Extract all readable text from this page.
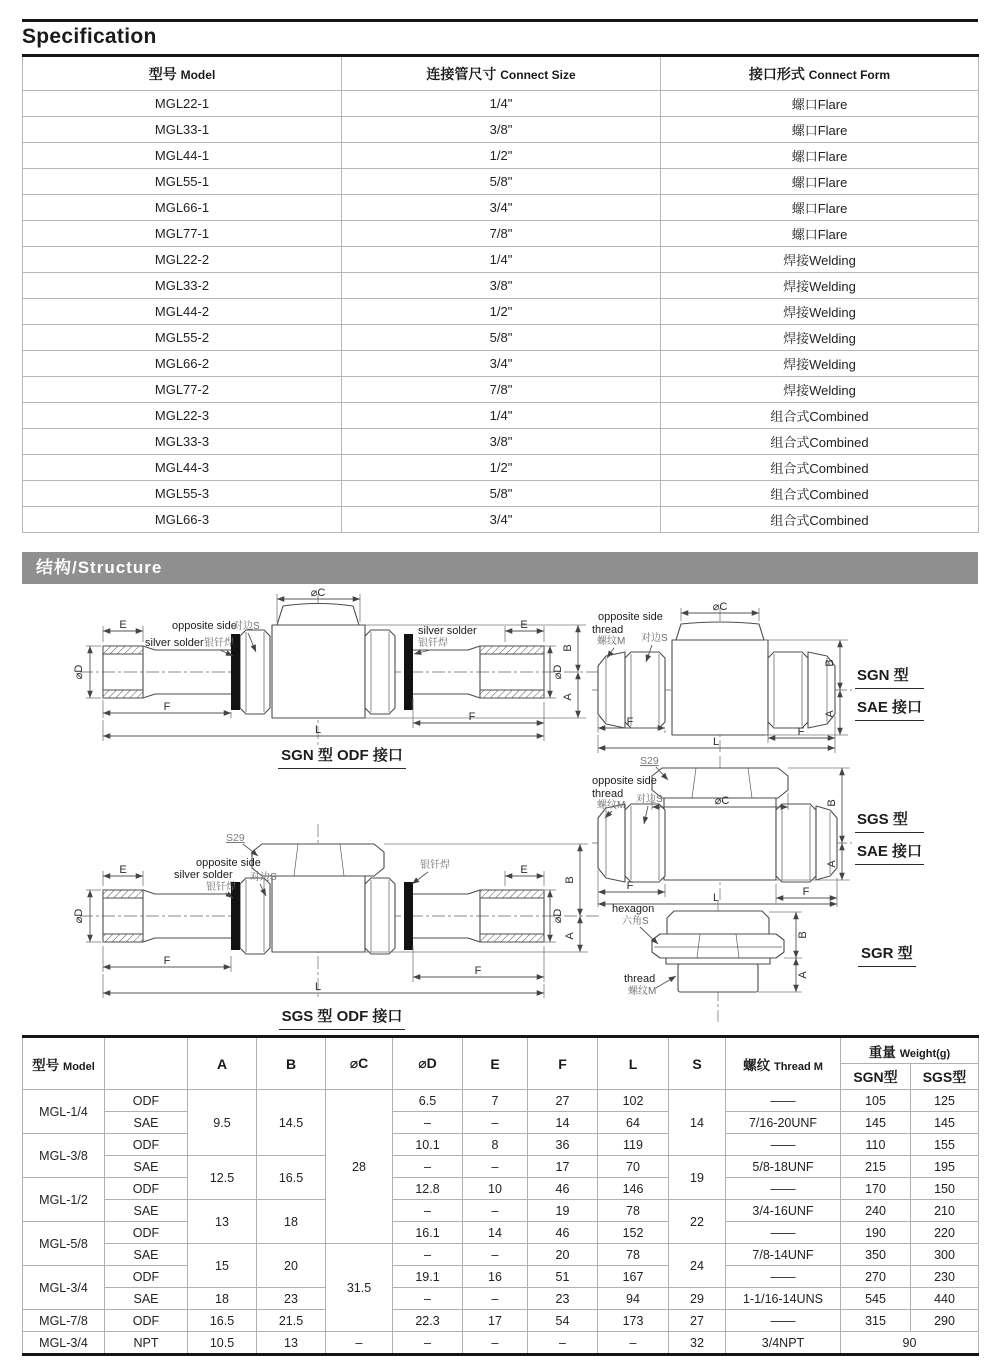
Specification
型号 Model	连接管尺寸 Connect Size	接口形式 Connect Form
MGL22-1	1/4"	螺口Flare
MGL33-1	3/8"	螺口Flare
MGL44-1	1/2"	螺口Flare
MGL55-1	5/8"	螺口Flare
MGL66-1	3/4"	螺口Flare
MGL77-1	7/8"	螺口Flare
MGL22-2	1/4"	焊接Welding
MGL33-2	3/8"	焊接Welding
MGL44-2	1/2"	焊接Welding
MGL55-2	5/8"	焊接Welding
MGL66-2	3/4"	焊接Welding
MGL77-2	7/8"	焊接Welding
MGL22-3	1/4"	组合式Combined
MGL33-3	3/8"	组合式Combined
MGL44-3	1/2"	组合式Combined
MGL55-3	5/8"	组合式Combined
MGL66-3	3/4"	组合式Combined
结构/Structure
⌀C
E	E
⌀D	⌀D
B
A
F
F
L
opposite side
对边S
silver solder 银钎焊
silver solder
银钎焊
SGN 型 ODF 接口
⌀C
B
A
F
F
L
opposite side
thread
螺纹M 对边S
SGN 型
SAE 接口
S29
⌀C	B
A
F	F
L
opposite side
thread
螺纹M
对边S
SGS 型
SAE 接口
S29
E	E
⌀D	⌀D
B
A
F
F
L
opposite side
silver solder
银钎焊
对边S
银钎焊
SGS 型 ODF 接口
B
A
hexagon
六角S
thread
螺纹M
SGR 型
型号 Model		A	B	⌀C	⌀D	E	F	L	S	螺纹 Thread M	重量 Weight(g)	
											SGN型	SGS型
MGL-1/4	ODF	9.5	14.5	28	6.5	7	27	102	14	——	105	125
	SAE				–	–	14	64		7/16-20UNF	145	145
MGL-3/8	ODF				10.1	8	36	119		——	110	155
	SAE	12.5	16.5		–	–	17	70	19	5/8-18UNF	215	195
MGL-1/2	ODF				12.8	10	46	146		——	170	150
	SAE	13	18		–	–	19	78	22	3/4-16UNF	240	210
MGL-5/8	ODF				16.1	14	46	152		——	190	220
	SAE	15	20	31.5	–	–	20	78	24	7/8-14UNF	350	300
MGL-3/4	ODF				19.1	16	51	167		——	270	230
	SAE	18	23		–	–	23	94	29	1-1/16-14UNS	545	440
MGL-7/8	ODF	16.5	21.5		22.3	17	54	173	27	——	315	290
MGL-3/4	NPT	10.5	13	–	–	–	–	–	32	3/4NPT	90	
